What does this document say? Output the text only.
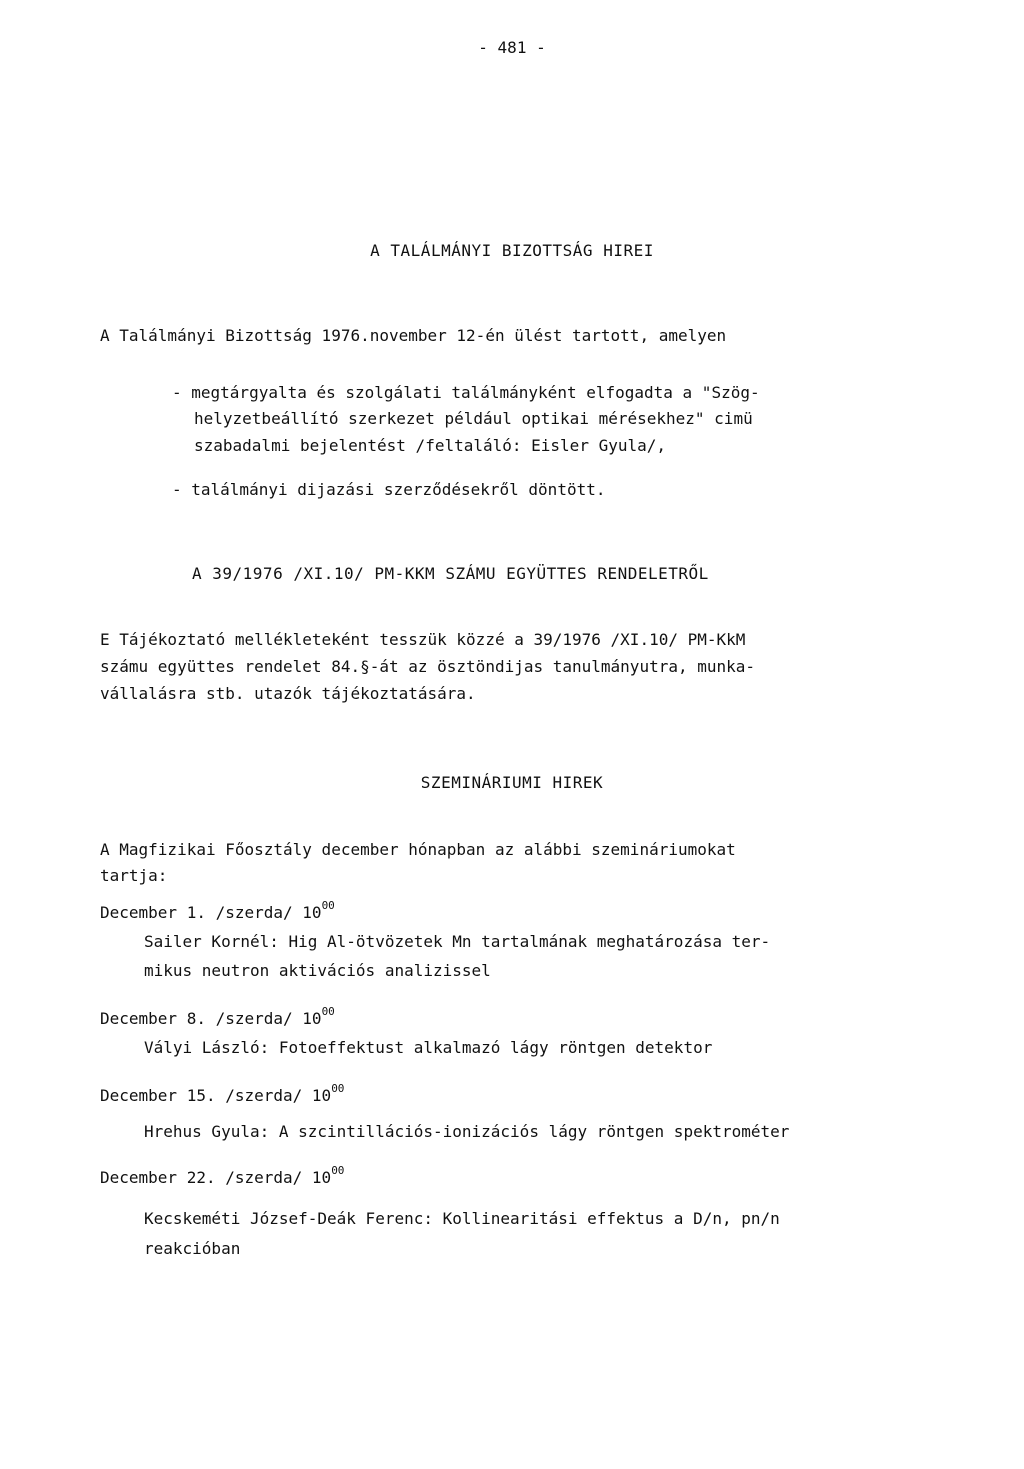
- 481 -
A TALÁLMÁNYI BIZOTTSÁG HIREI
A Találmányi Bizottság 1976.november 12-én ülést tartott, amelyen
- megtárgyalta és szolgálati találmányként elfogadta a "Szög-
helyzetbeállító szerkezet például optikai mérésekhez" cimü
szabadalmi bejelentést /feltaláló: Eisler Gyula/,
- találmányi dijazási szerződésekről döntött.
A 39/1976 /XI.10/ PM-KKM SZÁMU EGYÜTTES RENDELETRŐL
E Tájékoztató mellékleteként tesszük közzé a 39/1976 /XI.10/ PM-KkM
számu együttes rendelet 84.§-át az ösztöndijas tanulmányutra, munka-
vállalásra stb. utazók tájékoztatására.
SZEMINÁRIUMI HIREK
A Magfizikai Főosztály december hónapban az alábbi szemináriumokat
tartja:
December 1. /szerda/ $10^{00}$
Sailer Kornél: Hig Al-ötvözetek Mn tartalmának meghatározása ter-
mikus neutron aktivációs analizissel
December 8. /szerda/ $10^{00}$
Vályi László: Fotoeffektust alkalmazó lágy röntgen detektor
December 15. /szerda/ $10^{00}$
Hrehus Gyula: A szcintillációs-ionizációs lágy röntgen spektrométer
December 22. /szerda/ $10^{00}$
Kecskeméti József-Deák Ferenc: Kollinearitási effektus a D/n, pn/n
reakcióban
